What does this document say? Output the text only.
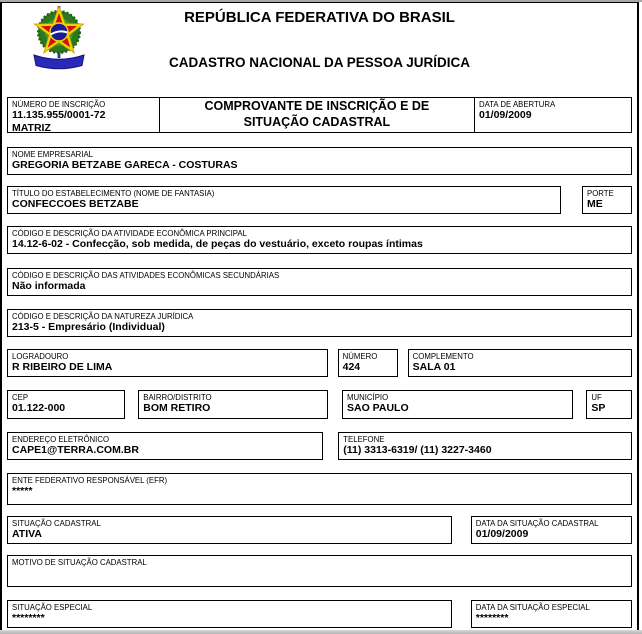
REPÚBLICA FEDERATIVA DO BRASIL
CADASTRO NACIONAL DA PESSOA JURÍDICA
NÚMERO DE INSCRIÇÃO
11.135.955/0001-72
MATRIZ
COMPROVANTE DE INSCRIÇÃO E DE SITUAÇÃO CADASTRAL
DATA DE ABERTURA
01/09/2009
NOME EMPRESARIAL
GREGORIA BETZABE GARECA - COSTURAS
TÍTULO DO ESTABELECIMENTO (NOME DE FANTASIA)
CONFECCOES BETZABE
PORTE
ME
CÓDIGO E DESCRIÇÃO DA ATIVIDADE ECONÔMICA PRINCIPAL
14.12-6-02 - Confecção, sob medida, de peças do vestuário, exceto roupas íntimas
CÓDIGO E DESCRIÇÃO DAS ATIVIDADES ECONÔMICAS SECUNDÁRIAS
Não informada
CÓDIGO E DESCRIÇÃO DA NATUREZA JURÍDICA
213-5 - Empresário (Individual)
LOGRADOURO
R RIBEIRO DE LIMA
NÚMERO
424
COMPLEMENTO
SALA 01
CEP
01.122-000
BAIRRO/DISTRITO
BOM RETIRO
MUNICÍPIO
SAO PAULO
UF
SP
ENDEREÇO ELETRÔNICO
CAPE1@TERRA.COM.BR
TELEFONE
(11) 3313-6319/ (11) 3227-3460
ENTE FEDERATIVO RESPONSÁVEL (EFR)
*****
SITUAÇÃO CADASTRAL
ATIVA
DATA DA SITUAÇÃO CADASTRAL
01/09/2009
MOTIVO DE SITUAÇÃO CADASTRAL
SITUAÇÃO ESPECIAL
********
DATA DA SITUAÇÃO ESPECIAL
********
